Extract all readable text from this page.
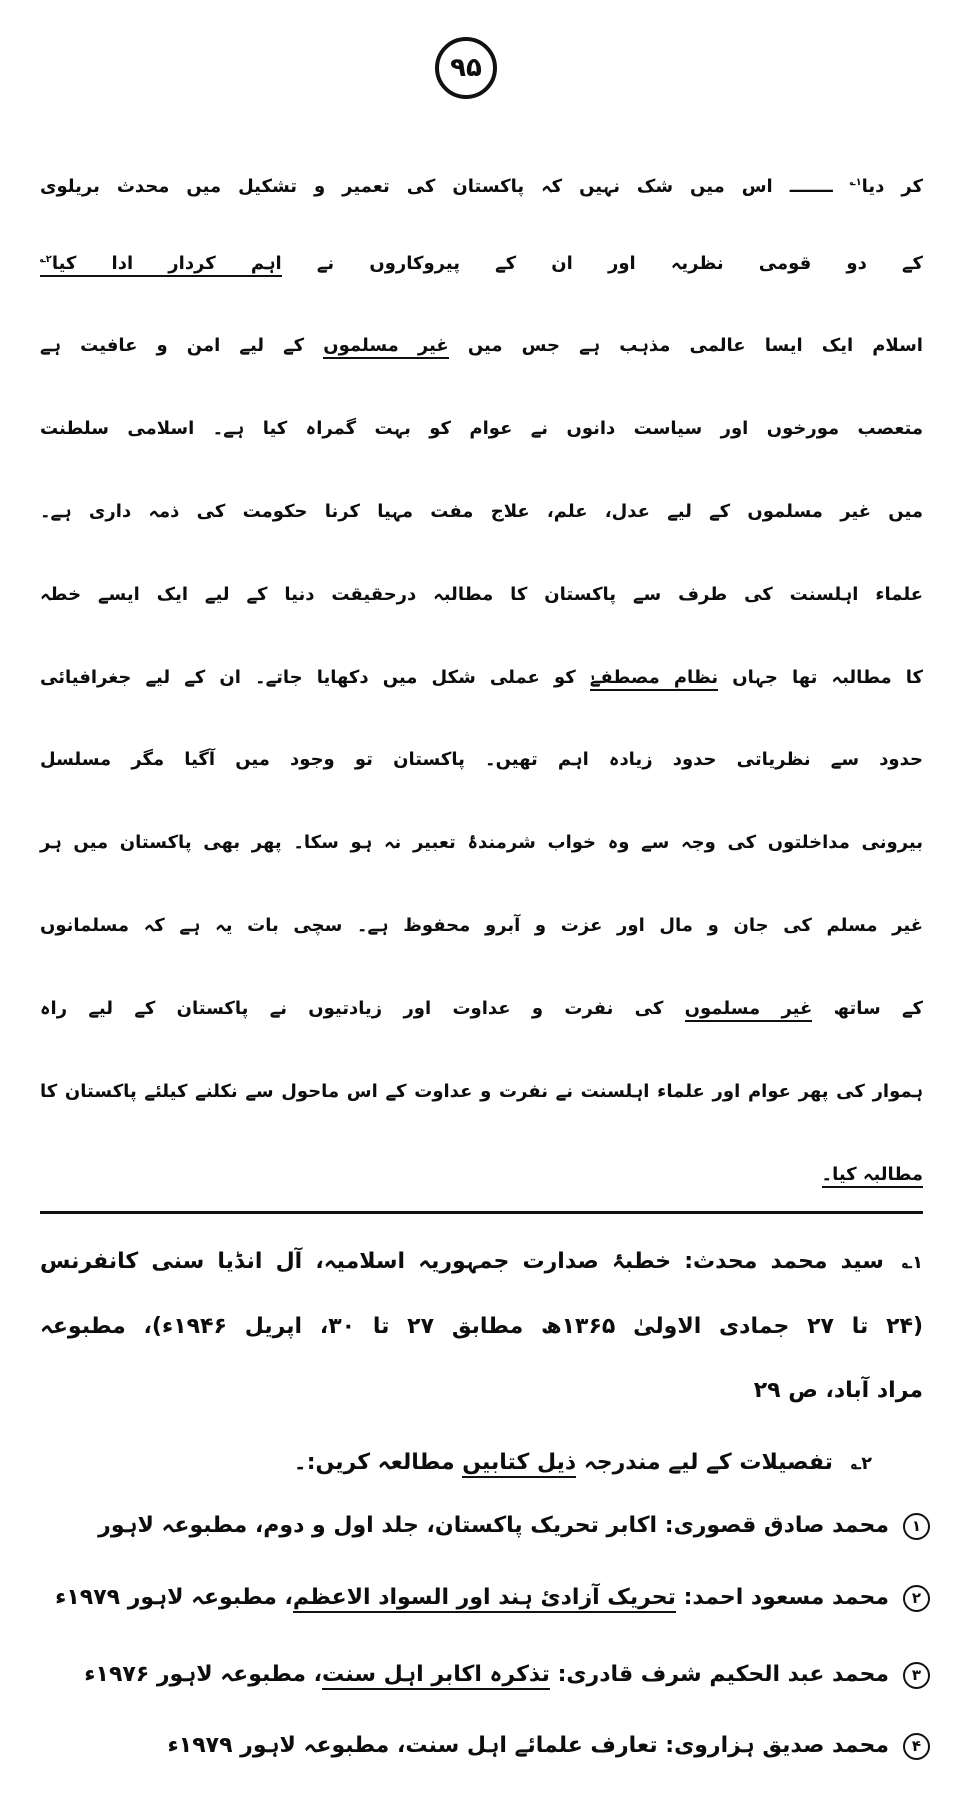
۹۵
کر دیا$^{۱؎}$ ـــــــ اس میں شک نہیں کہ پاکستان کی تعمیر و تشکیل میں محدث بریلوی
کے دو قومی نظریہ اور ان کے پیروکاروں نے اہم کردار ادا کیا$^{۲؎}$
اسلام ایک ایسا عالمی مذہب ہے جس میں غیر مسلموں کے لیے امن و عافیت ہے
متعصب مورخوں اور سیاست دانوں نے عوام کو بہت گمراہ کیا ہے۔ اسلامی سلطنت
میں غیر مسلموں کے لیے عدل، علم، علاج مفت مہیا کرنا حکومت کی ذمہ داری ہے۔
علماء اہلسنت کی طرف سے پاکستان کا مطالبہ درحقیقت دنیا کے لیے ایک ایسے خطہ
کا مطالبہ تھا جہاں نظامِ مصطفےٰ کو عملی شکل میں دکھایا جاتے۔ ان کے لیے جغرافیائی
حدود سے نظریاتی حدود زیادہ اہم تھیں۔ پاکستان تو وجود میں آگیا مگر مسلسل
بیرونی مداخلتوں کی وجہ سے وہ خواب شرمندۂ تعبیر نہ ہو سکا۔ پھر بھی پاکستان میں ہر
غیر مسلم کی جان و مال اور عزت و آبرو محفوظ ہے۔ سچی بات یہ ہے کہ مسلمانوں
کے ساتھ غیر مسلموں کی نفرت و عداوت اور زیادتیوں نے پاکستان کے لیے راہ
ہموار کی پھر عوام اور علماء اہلسنت نے نفرت و عداوت کے اس ماحول سے نکلنے کیلئے پاکستان کا
مطالبہ کیا۔
۱؎سید محمد محدث: خطبۂ صدارت جمہوریہ اسلامیہ، آل انڈیا سنی کانفرنس
(۲۴ تا ۲۷ جمادی الاولیٰ ۱۳۶۵ھ مطابق ۲۷ تا ۳۰، اپریل ۱۹۴۶ء)، مطبوعہ
مراد آباد، ص ۲۹
۲؎تفصیلات کے لیے مندرجہ ذیل کتابیں مطالعہ کریں:۔
۱محمد صادق قصوری: اکابر تحریک پاکستان، جلد اول و دوم، مطبوعہ لاہور
۲محمد مسعود احمد: تحریک آزادیٔ ہند اور السواد الاعظم، مطبوعہ لاہور ۱۹۷۹ء
۳محمد عبد الحکیم شرف قادری: تذکرہ اکابر اہل سنت، مطبوعہ لاہور ۱۹۷۶ء
۴محمد صدیق ہزاروی: تعارف علمائے اہل سنت، مطبوعہ لاہور ۱۹۷۹ء
